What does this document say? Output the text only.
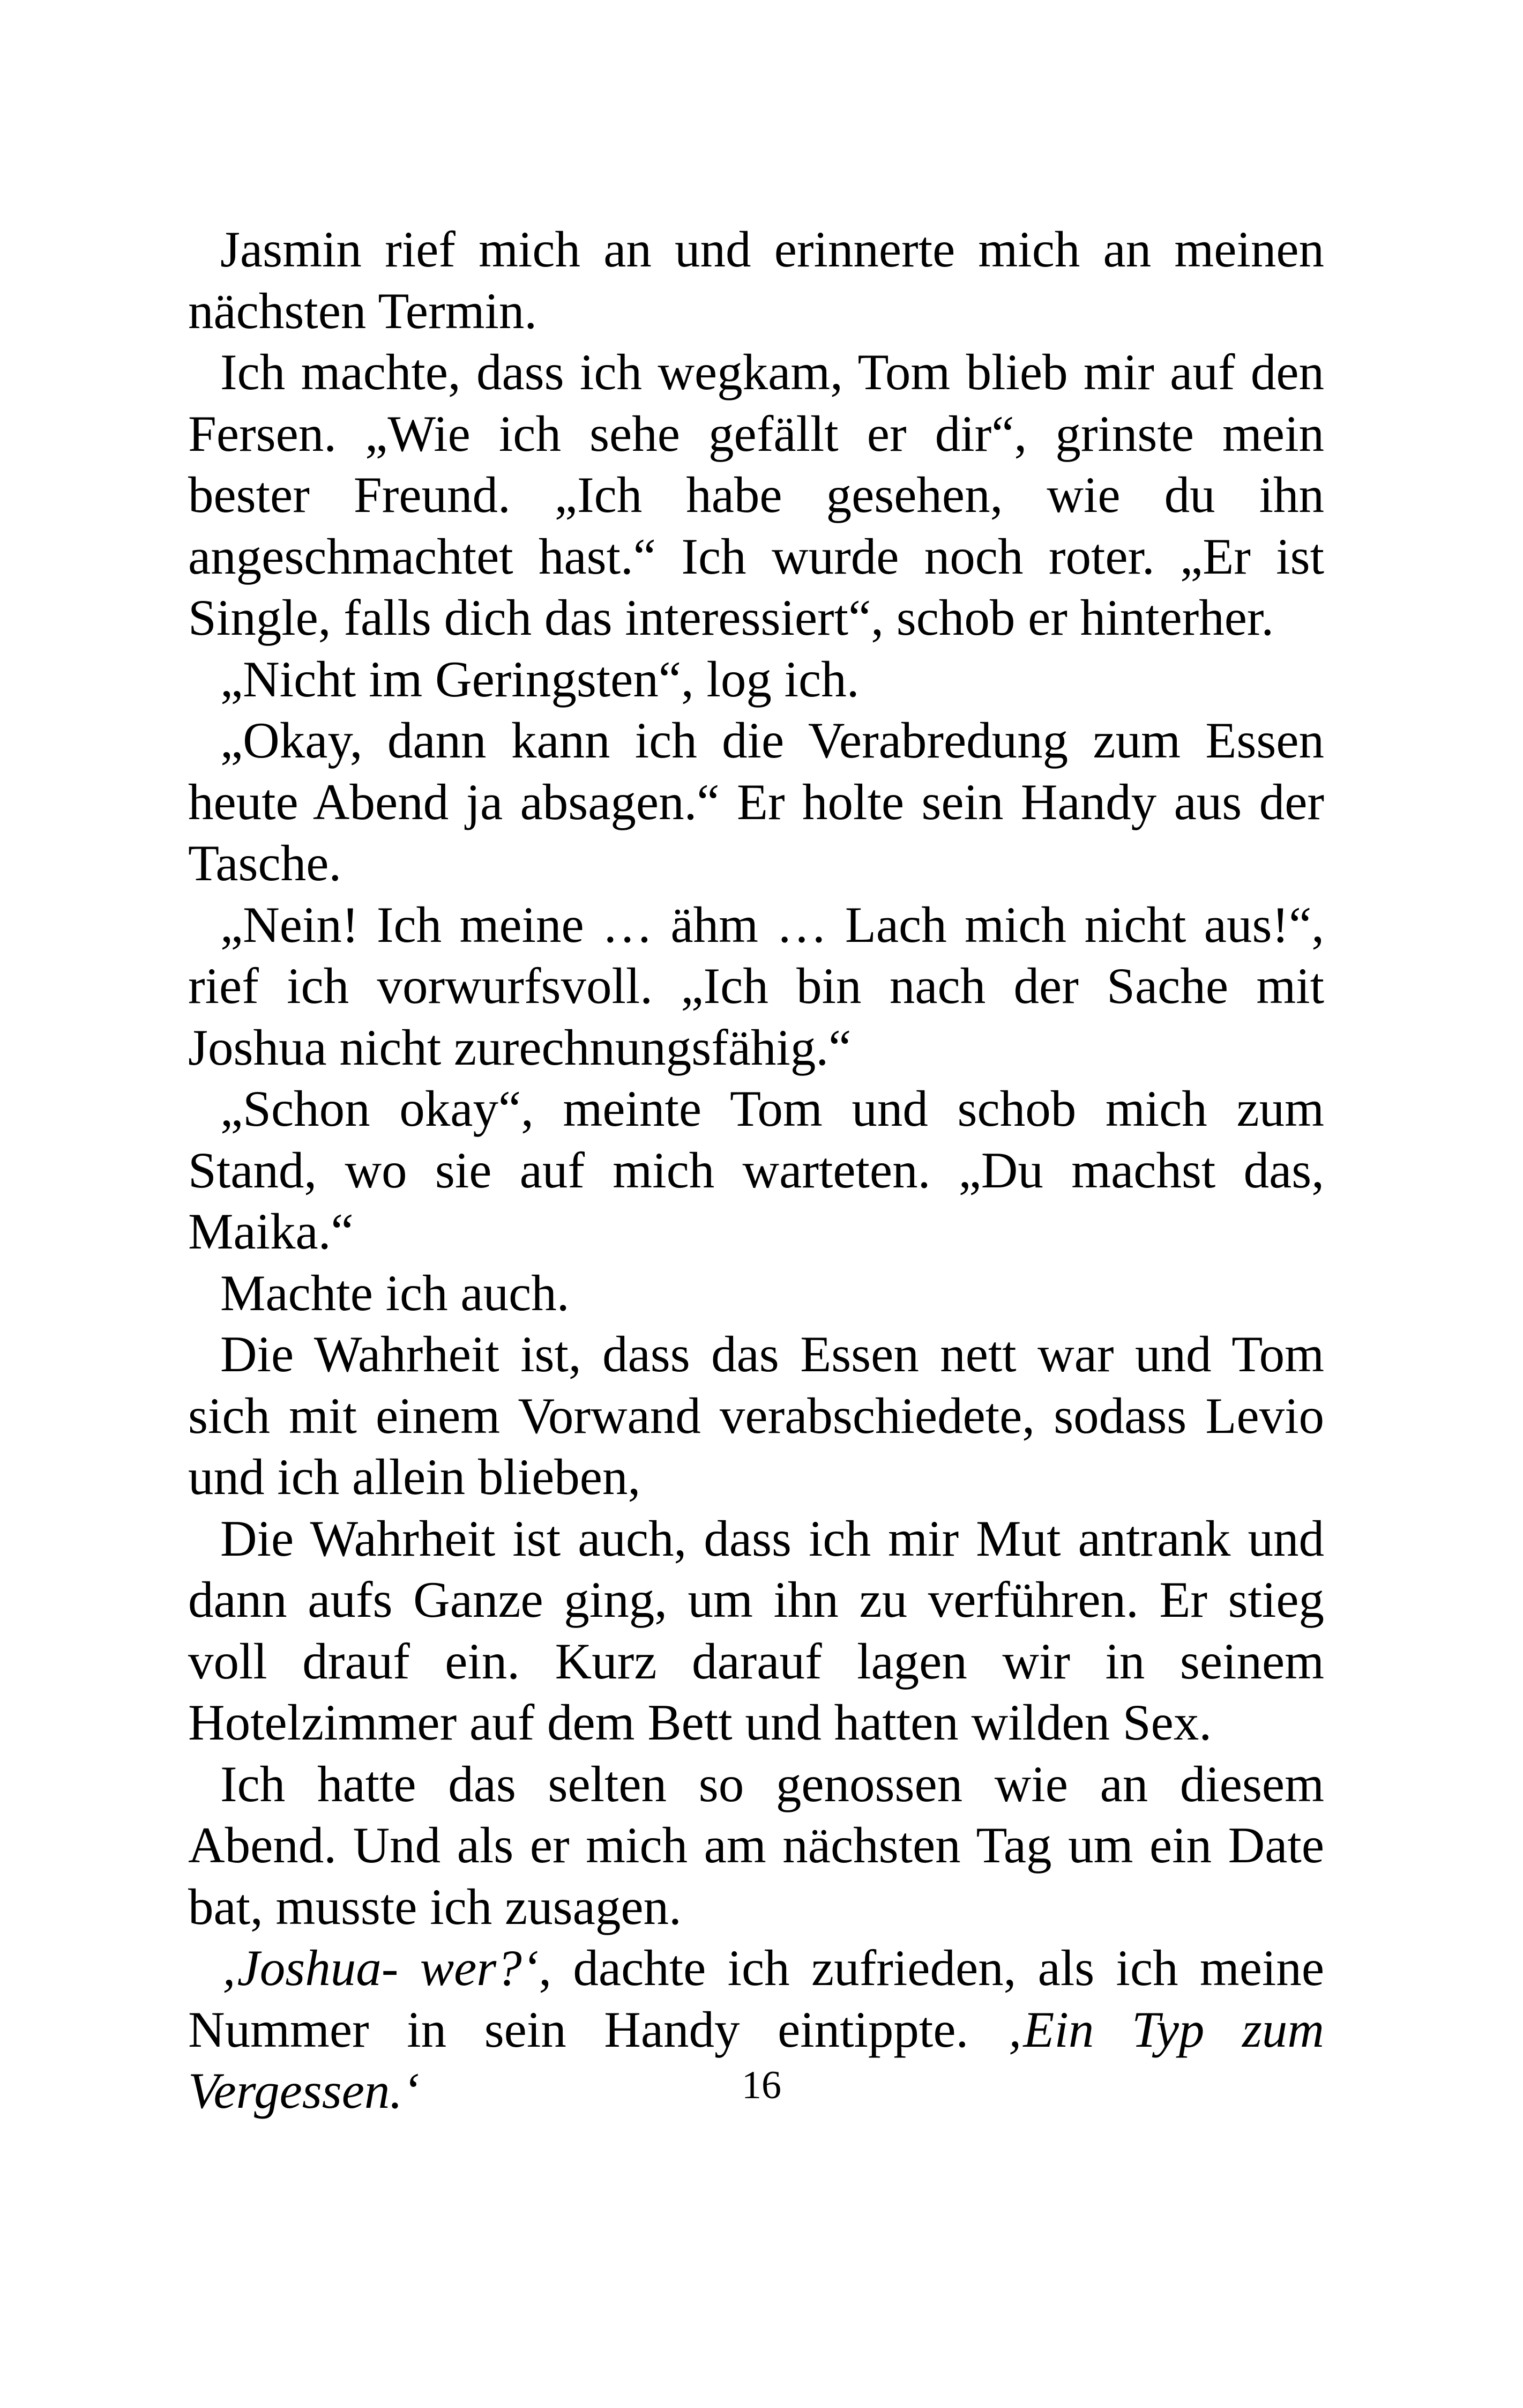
Jasmin rief mich an und erinnerte mich an meinen nächsten Termin.

Ich machte, dass ich wegkam, Tom blieb mir auf den Fersen. „Wie ich sehe gefällt er dir“, grinste mein bester Freund. „Ich habe gesehen, wie du ihn angeschmachtet hast.“ Ich wurde noch roter. „Er ist Single, falls dich das interessiert“, schob er hinterher.

„Nicht im Geringsten“, log ich.

„Okay, dann kann ich die Verabredung zum Essen heute Abend ja absagen.“ Er holte sein Handy aus der Tasche.

„Nein! Ich meine … ähm … Lach mich nicht aus!“, rief ich vorwurfsvoll. „Ich bin nach der Sache mit Joshua nicht zurechnungsfähig.“

„Schon okay“, meinte Tom und schob mich zum Stand, wo sie auf mich warteten. „Du machst das, Maika.“

Machte ich auch.

Die Wahrheit ist, dass das Essen nett war und Tom sich mit einem Vorwand verabschiedete, sodass Levio und ich allein blieben,

Die Wahrheit ist auch, dass ich mir Mut antrank und dann aufs Ganze ging, um ihn zu verführen. Er stieg voll drauf ein. Kurz darauf lagen wir in seinem Hotelzimmer auf dem Bett und hatten wilden Sex.

Ich hatte das selten so genossen wie an diesem Abend. Und als er mich am nächsten Tag um ein Date bat, musste ich zusagen.

‚Joshua- wer?‘, dachte ich zufrieden, als ich meine Nummer in sein Handy eintippte. ‚Ein Typ zum Vergessen.‘	16
